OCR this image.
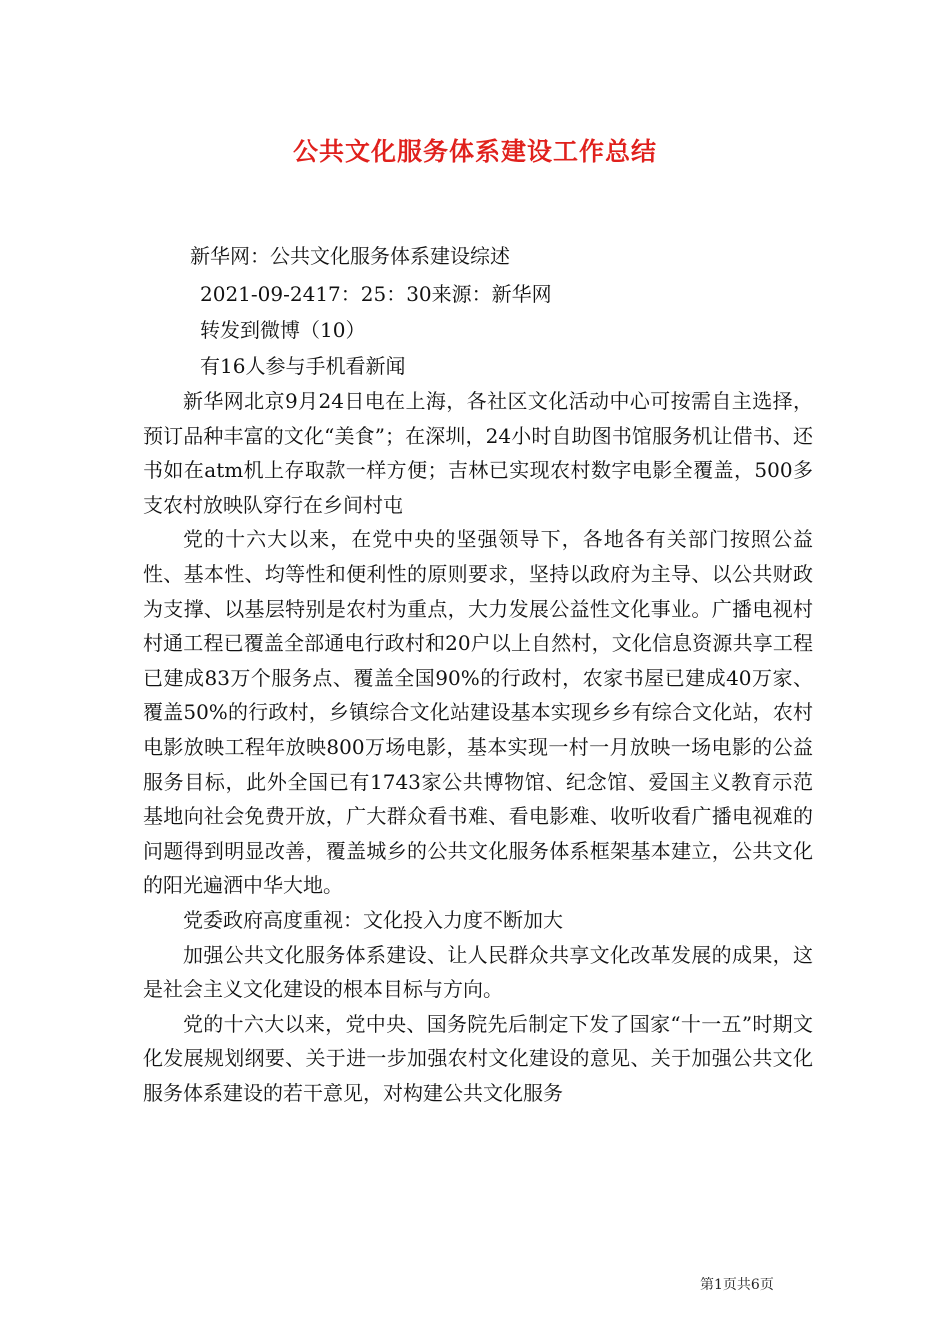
公共文化服务体系建设工作总结
新华网：公共文化服务体系建设综述
2021-09-2417：25：30来源：新华网
转发到微博（10）
有16人参与手机看新闻

新华网北京9月24日电在上海，各社区文化活动中心可按需自主选择，预订品种丰富的文化“美食”；在深圳，24小时自助图书馆服务机让借书、还书如在atm机上存取款一样方便；吉林已实现农村数字电影全覆盖，500多支农村放映队穿行在乡间村屯

党的十六大以来，在党中央的坚强领导下，各地各有关部门按照公益性、基本性、均等性和便利性的原则要求，坚持以政府为主导、以公共财政为支撑、以基层特别是农村为重点，大力发展公益性文化事业。广播电视村村通工程已覆盖全部通电行政村和20户以上自然村，文化信息资源共享工程已建成83万个服务点、覆盖全国90%的行政村，农家书屋已建成40万家、覆盖50%的行政村，乡镇综合文化站建设基本实现乡乡有综合文化站，农村电影放映工程年放映800万场电影，基本实现一村一月放映一场电影的公益服务目标，此外全国已有1743家公共博物馆、纪念馆、爱国主义教育示范基地向社会免费开放，广大群众看书难、看电影难、收听收看广播电视难的问题得到明显改善，覆盖城乡的公共文化服务体系框架基本建立，公共文化的阳光遍洒中华大地。

党委政府高度重视：文化投入力度不断加大

加强公共文化服务体系建设、让人民群众共享文化改革发展的成果，这是社会主义文化建设的根本目标与方向。

党的十六大以来，党中央、国务院先后制定下发了国家“十一五”时期文化发展规划纲要、关于进一步加强农村文化建设的意见、关于加强公共文化服务体系建设的若干意见，对构建公共文化服务

第1页共6页
